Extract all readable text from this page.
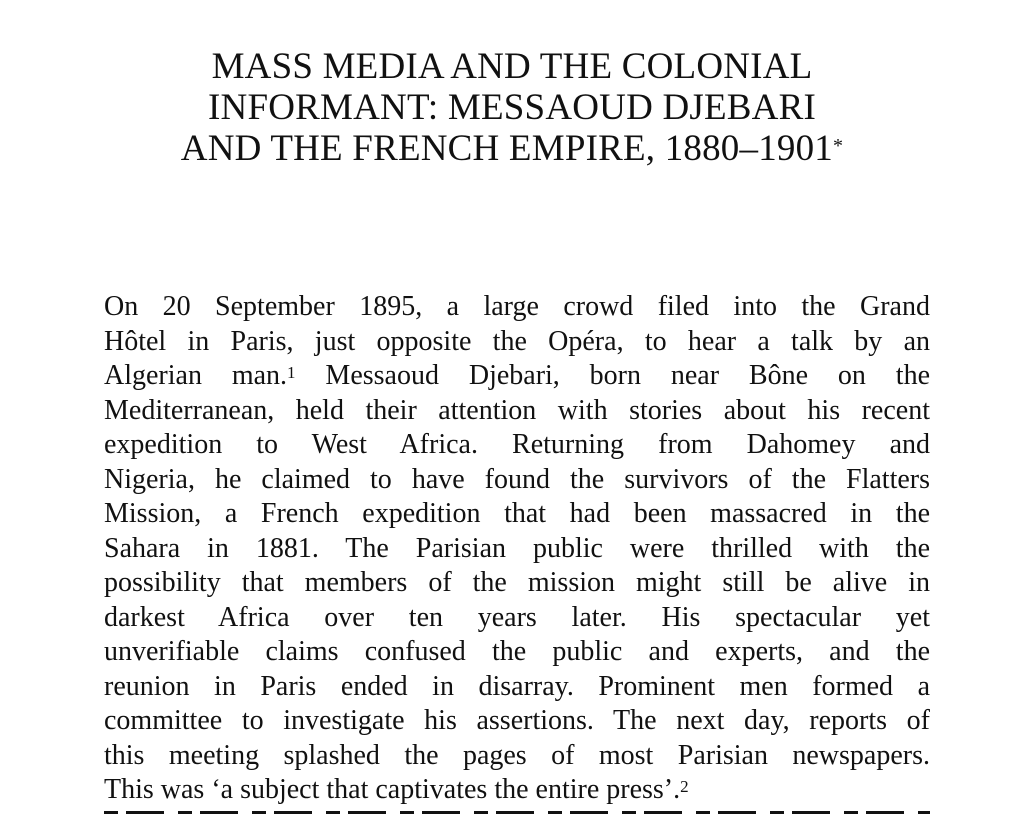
MASS MEDIA AND THE COLONIAL
INFORMANT: MESSAOUD DJEBARI
AND THE FRENCH EMPIRE, 1880–1901*
On 20 September 1895, a large crowd filed into the Grand
Hôtel in Paris, just opposite the Opéra, to hear a talk by an
Algerian man.$^1$ Messaoud Djebari, born near Bône on the
Mediterranean, held their attention with stories about his recent
expedition to West Africa. Returning from Dahomey and
Nigeria, he claimed to have found the survivors of the Flatters
Mission, a French expedition that had been massacred in the
Sahara in 1881. The Parisian public were thrilled with the
possibility that members of the mission might still be alive in
darkest Africa over ten years later. His spectacular yet
unverifiable claims confused the public and experts, and the
reunion in Paris ended in disarray. Prominent men formed a
committee to investigate his assertions. The next day, reports of
this meeting splashed the pages of most Parisian newspapers.
This was ‘a subject that captivates the entire press’.$^2$
